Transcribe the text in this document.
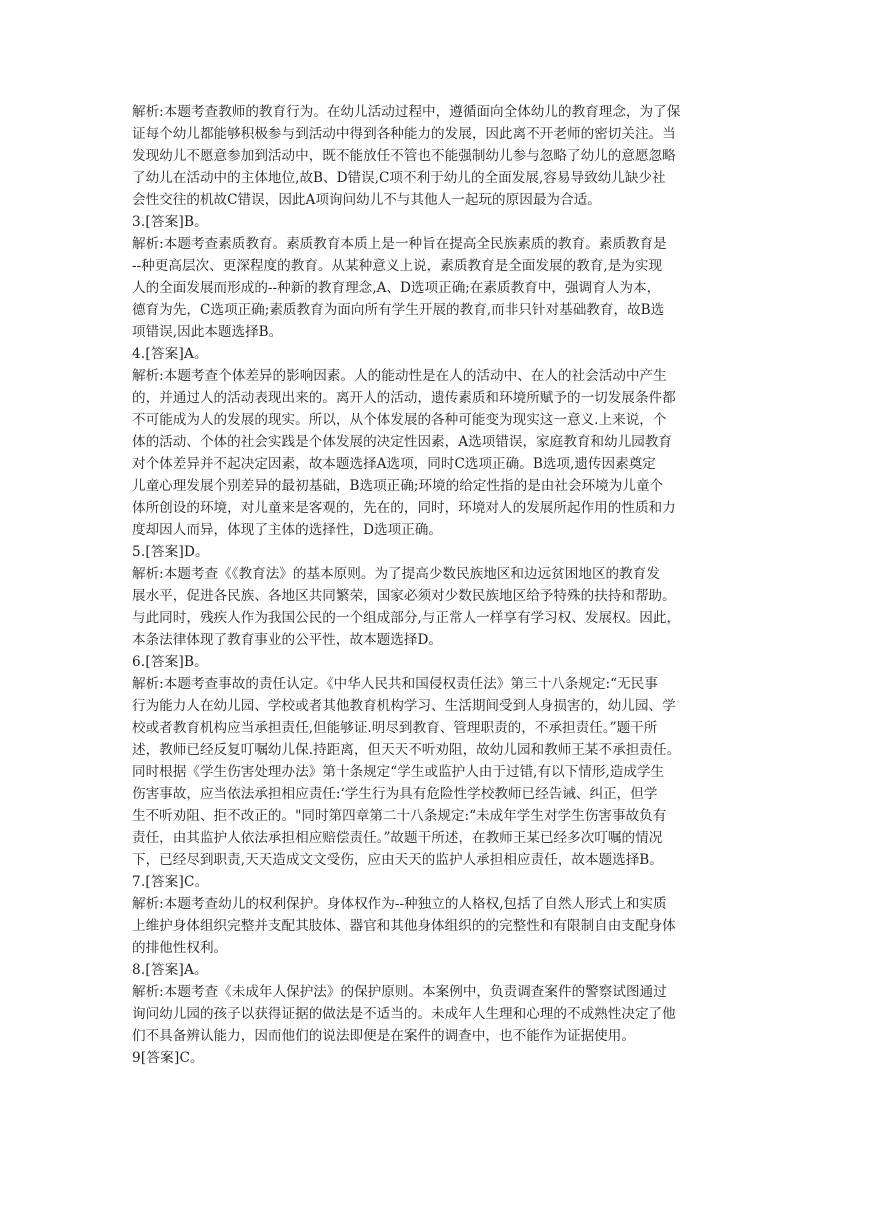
解析:本题考查教师的教育行为。在幼儿活动过程中，遵循面向全体幼儿的教育理念，为了保
证每个幼儿都能够积极参与到活动中得到各种能力的发展，因此离不开老师的密切关注。当
发现幼儿不愿意参加到活动中，既不能放任不管也不能强制幼儿参与忽略了幼儿的意愿忽略
了幼儿在活动中的主体地位,故B、D错误,C项不利于幼儿的全面发展,容易导致幼儿缺少社
会性交往的机故C错误，因此A项询问幼儿不与其他人一起玩的原因最为合适。
3.[答案]B。
解析:本题考查素质教育。素质教育本质上是一种旨在提高全民族素质的教育。素质教育是
--种更高层次、更深程度的教育。从某种意义上说，素质教育是全面发展的教育,是为实现
人的全面发展而形成的--种新的教育理念,A、D选项正确;在素质教育中，强调育人为本，
德育为先，C选项正确;素质教育为面向所有学生开展的教育,而非只针对基础教育，故B选
项错误,因此本题选择B。
4.[答案]A。
解析:本题考查个体差异的影响因素。人的能动性是在人的活动中、在人的社会活动中产生
的，并通过人的活动表现出来的。离开人的活动，遗传素质和环境所赋予的一切发展条件都
不可能成为人的发展的现实。所以，从个体发展的各种可能变为现实这一意义.上来说，个
体的活动、个体的社会实践是个体发展的决定性因素，A选项错误，家庭教育和幼儿园教育
对个体差异并不起决定因素，故本题选择A选项，同时C选项正确。B选项,遗传因素奠定
儿童心理发展个别差异的最初基础，B选项正确;环境的给定性指的是由社会环境为儿童个
体所创设的环境，对儿童来是客观的，先在的，同时，环境对人的发展所起作用的性质和力
度却因人而异，体现了主体的选择性，D选项正确。
5.[答案]D。
解析:本题考查《《教育法》的基本原则。为了提高少数民族地区和边远贫困地区的教育发
展水平，促进各民族、各地区共同繁荣，国家必须对少数民族地区给予特殊的扶持和帮助。
与此同时，残疾人作为我国公民的一个组成部分,与正常人一样享有学习权、发展权。因此，
本条法律体现了教育事业的公平性，故本题选择D。
6.[答案]B。
解析:本题考查事故的责任认定。《中华人民共和国侵权责任法》第三十八条规定:“无民事
行为能力人在幼儿园、学校或者其他教育机构学习、生活期间受到人身损害的，幼儿园、学
校或者教育机构应当承担责任,但能够证.明尽到教育、管理职责的，不承担责任。”题干所
述，教师已经反复叮嘱幼儿保.持距离，但天天不听劝阻，故幼儿园和教师王某不承担责任。
同时根据《学生伤害处理办法》第十条规定“学生或监护人由于过错,有以下情形,造成学生
伤害事故，应当依法承担相应责任:‘学生行为具有危险性学校教师已经告诫、纠正，但学
生不听劝阻、拒不改正的。"同时第四章第二十八条规定:“未成年学生对学生伤害事故负有
责任，由其监护人依法承担相应赔偿责任。”故题干所述，在教师王某已经多次叮嘱的情况
下，已经尽到职责,天天造成文文受伤，应由天天的监护人承担相应责任，故本题选择B。
7.[答案]C。
解析:本题考查幼儿的权利保护。身体权作为--种独立的人格权,包括了自然人形式上和实质
上维护身体组织完整并支配其肢体、器官和其他身体组织的的完整性和有限制自由支配身体
的排他性权利。
8.[答案]A。
解析:本题考查《未成年人保护法》的保护原则。本案例中，负责调查案件的警察试图通过
询问幼儿园的孩子以获得证据的做法是不适当的。未成年人生理和心理的不成熟性决定了他
们不具备辨认能力，因而他们的说法即便是在案件的调查中，也不能作为证据使用。
9[答案]C。
